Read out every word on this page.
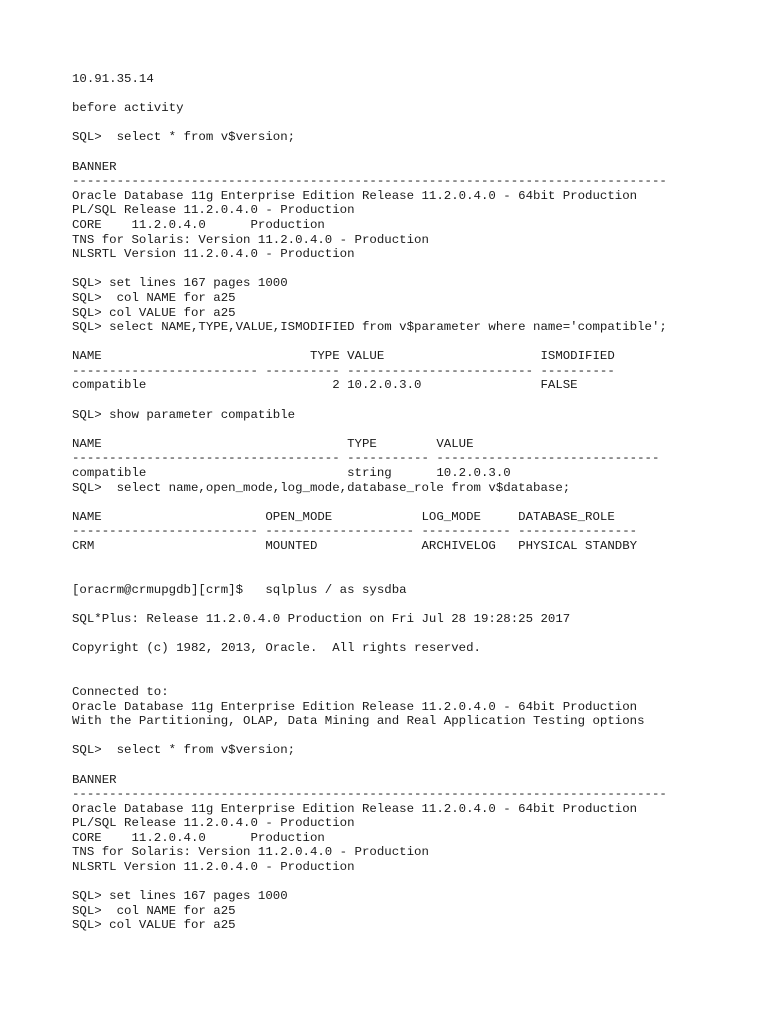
10.91.35.14
before activity
SQL>  select * from v$version;
BANNER
--------------------------------------------------------------------------------
Oracle Database 11g Enterprise Edition Release 11.2.0.4.0 - 64bit Production
PL/SQL Release 11.2.0.4.0 - Production
CORE    11.2.0.4.0      Production
TNS for Solaris: Version 11.2.0.4.0 - Production
NLSRTL Version 11.2.0.4.0 - Production
SQL> set lines 167 pages 1000
SQL>  col NAME for a25
SQL> col VALUE for a25
SQL> select NAME,TYPE,VALUE,ISMODIFIED from v$parameter where name='compatible';
NAME                            TYPE VALUE                     ISMODIFIED
------------------------- ---------- ------------------------- ----------
compatible                         2 10.2.0.3.0                FALSE
SQL> show parameter compatible
NAME                                 TYPE        VALUE
------------------------------------ ----------- ------------------------------
compatible                           string      10.2.0.3.0
SQL>  select name,open_mode,log_mode,database_role from v$database;
NAME                      OPEN_MODE            LOG_MODE     DATABASE_ROLE
------------------------- -------------------- ------------ ----------------
CRM                       MOUNTED              ARCHIVELOG   PHYSICAL STANDBY
[oracrm@crmupgdb][crm]$   sqlplus / as sysdba
SQL*Plus: Release 11.2.0.4.0 Production on Fri Jul 28 19:28:25 2017
Copyright (c) 1982, 2013, Oracle.  All rights reserved.
Connected to:
Oracle Database 11g Enterprise Edition Release 11.2.0.4.0 - 64bit Production
With the Partitioning, OLAP, Data Mining and Real Application Testing options
SQL>  select * from v$version;
BANNER
--------------------------------------------------------------------------------
Oracle Database 11g Enterprise Edition Release 11.2.0.4.0 - 64bit Production
PL/SQL Release 11.2.0.4.0 - Production
CORE    11.2.0.4.0      Production
TNS for Solaris: Version 11.2.0.4.0 - Production
NLSRTL Version 11.2.0.4.0 - Production
SQL> set lines 167 pages 1000
SQL>  col NAME for a25
SQL> col VALUE for a25
